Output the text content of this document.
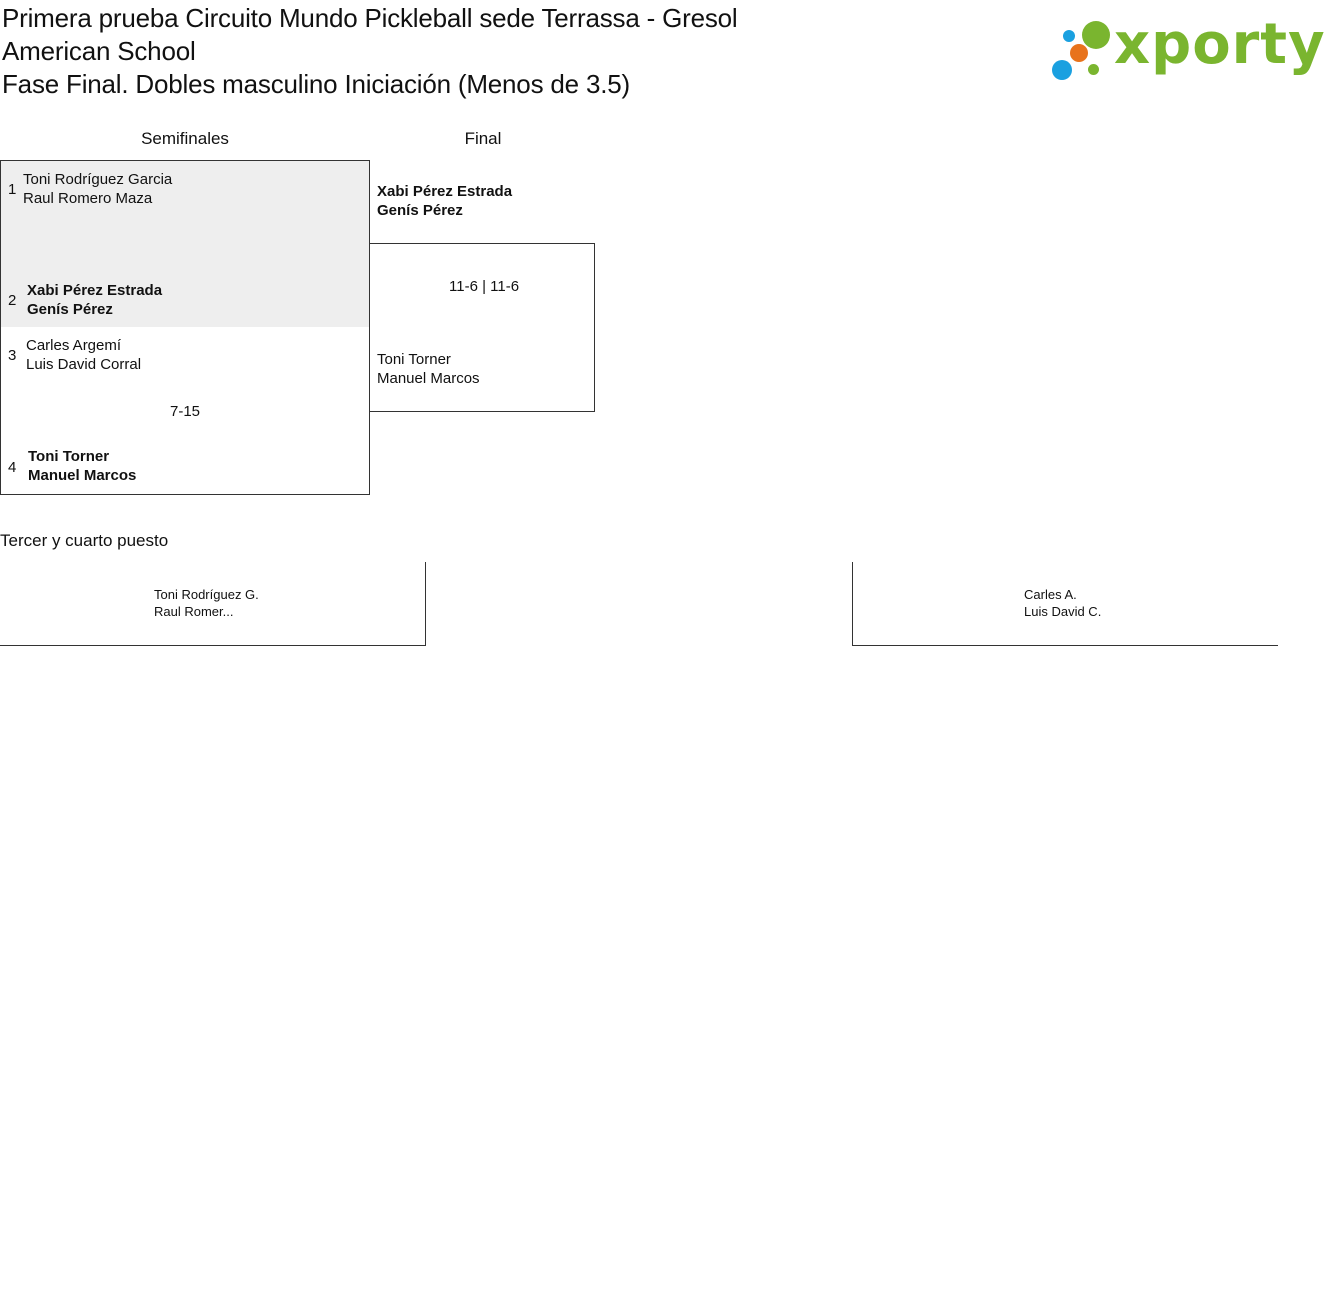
Primera prueba Circuito Mundo Pickleball sede Terrassa - Gresol
American School
Fase Final. Dobles masculino Iniciación (Menos de 3.5)
xporty
Semifinales	Final
1
Toni Rodríguez Garcia
Raul Romero Maza
2
Xabi Pérez Estrada
Genís Pérez
3
Carles Argemí
Luis David Corral
7-15
4
Toni Torner
Manuel Marcos
Xabi Pérez Estrada
Genís Pérez
11-6 | 11-6
Toni Torner
Manuel Marcos
Tercer y cuarto puesto
Toni Rodríguez G.
Raul Romer...
Carles A.
Luis David C.
